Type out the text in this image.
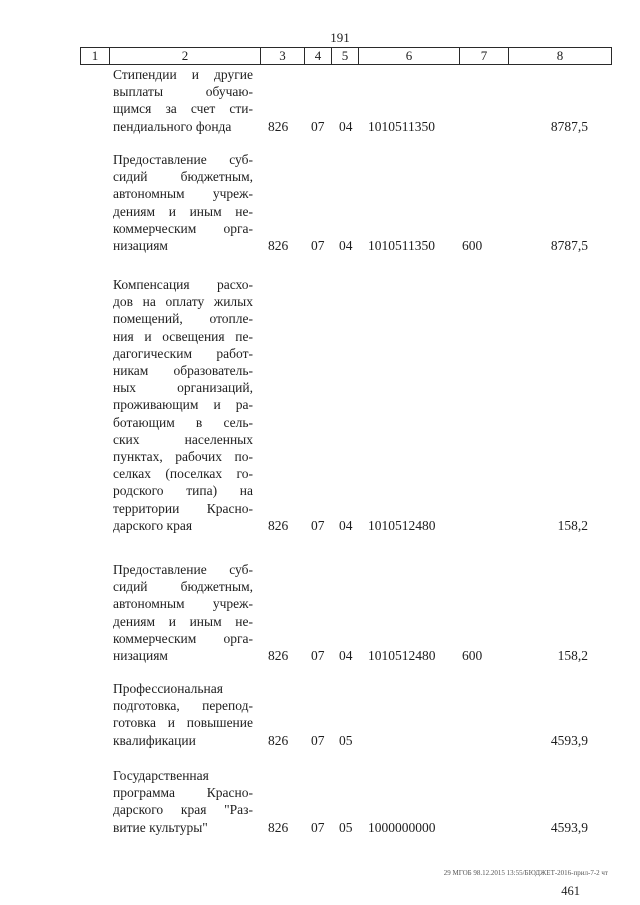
191
1	2	3	4	5	6	7	8
Стипендии и другие
выплаты обучаю-
щимся за счет сти-
пендиального фонда	826 07 04 1010511350	8787,5
Предоставление суб-
сидий бюджетным,
автономным учреж-
дениям и иным не-
коммерческим орга-
низациям	826 07 04 1010511350 600	8787,5
Компенсация расхо-
дов на оплату жилых
помещений, отопле-
ния и освещения пе-
дагогическим работ-
никам образователь-
ных организаций,
проживающим и ра-
ботающим в сель-
ских населенных
пунктах, рабочих по-
селках (поселках го-
родского типа) на
территории Красно-
дарского края	826 07 04 1010512480	158,2
Предоставление суб-
сидий бюджетным,
автономным учреж-
дениям и иным не-
коммерческим орга-
низациям	826 07 04 1010512480 600	158,2
Профессиональная
подготовка, перепод-
готовка и повышение
квалификации	826 07 05	4593,9
Государственная
программа Красно-
дарского края "Раз-
витие культуры"	826 07 05 1000000000	4593,9
29 МГОБ 98.12.2015 13:55/БЮДЖЕТ-2016-прил-7-2 чт
461
